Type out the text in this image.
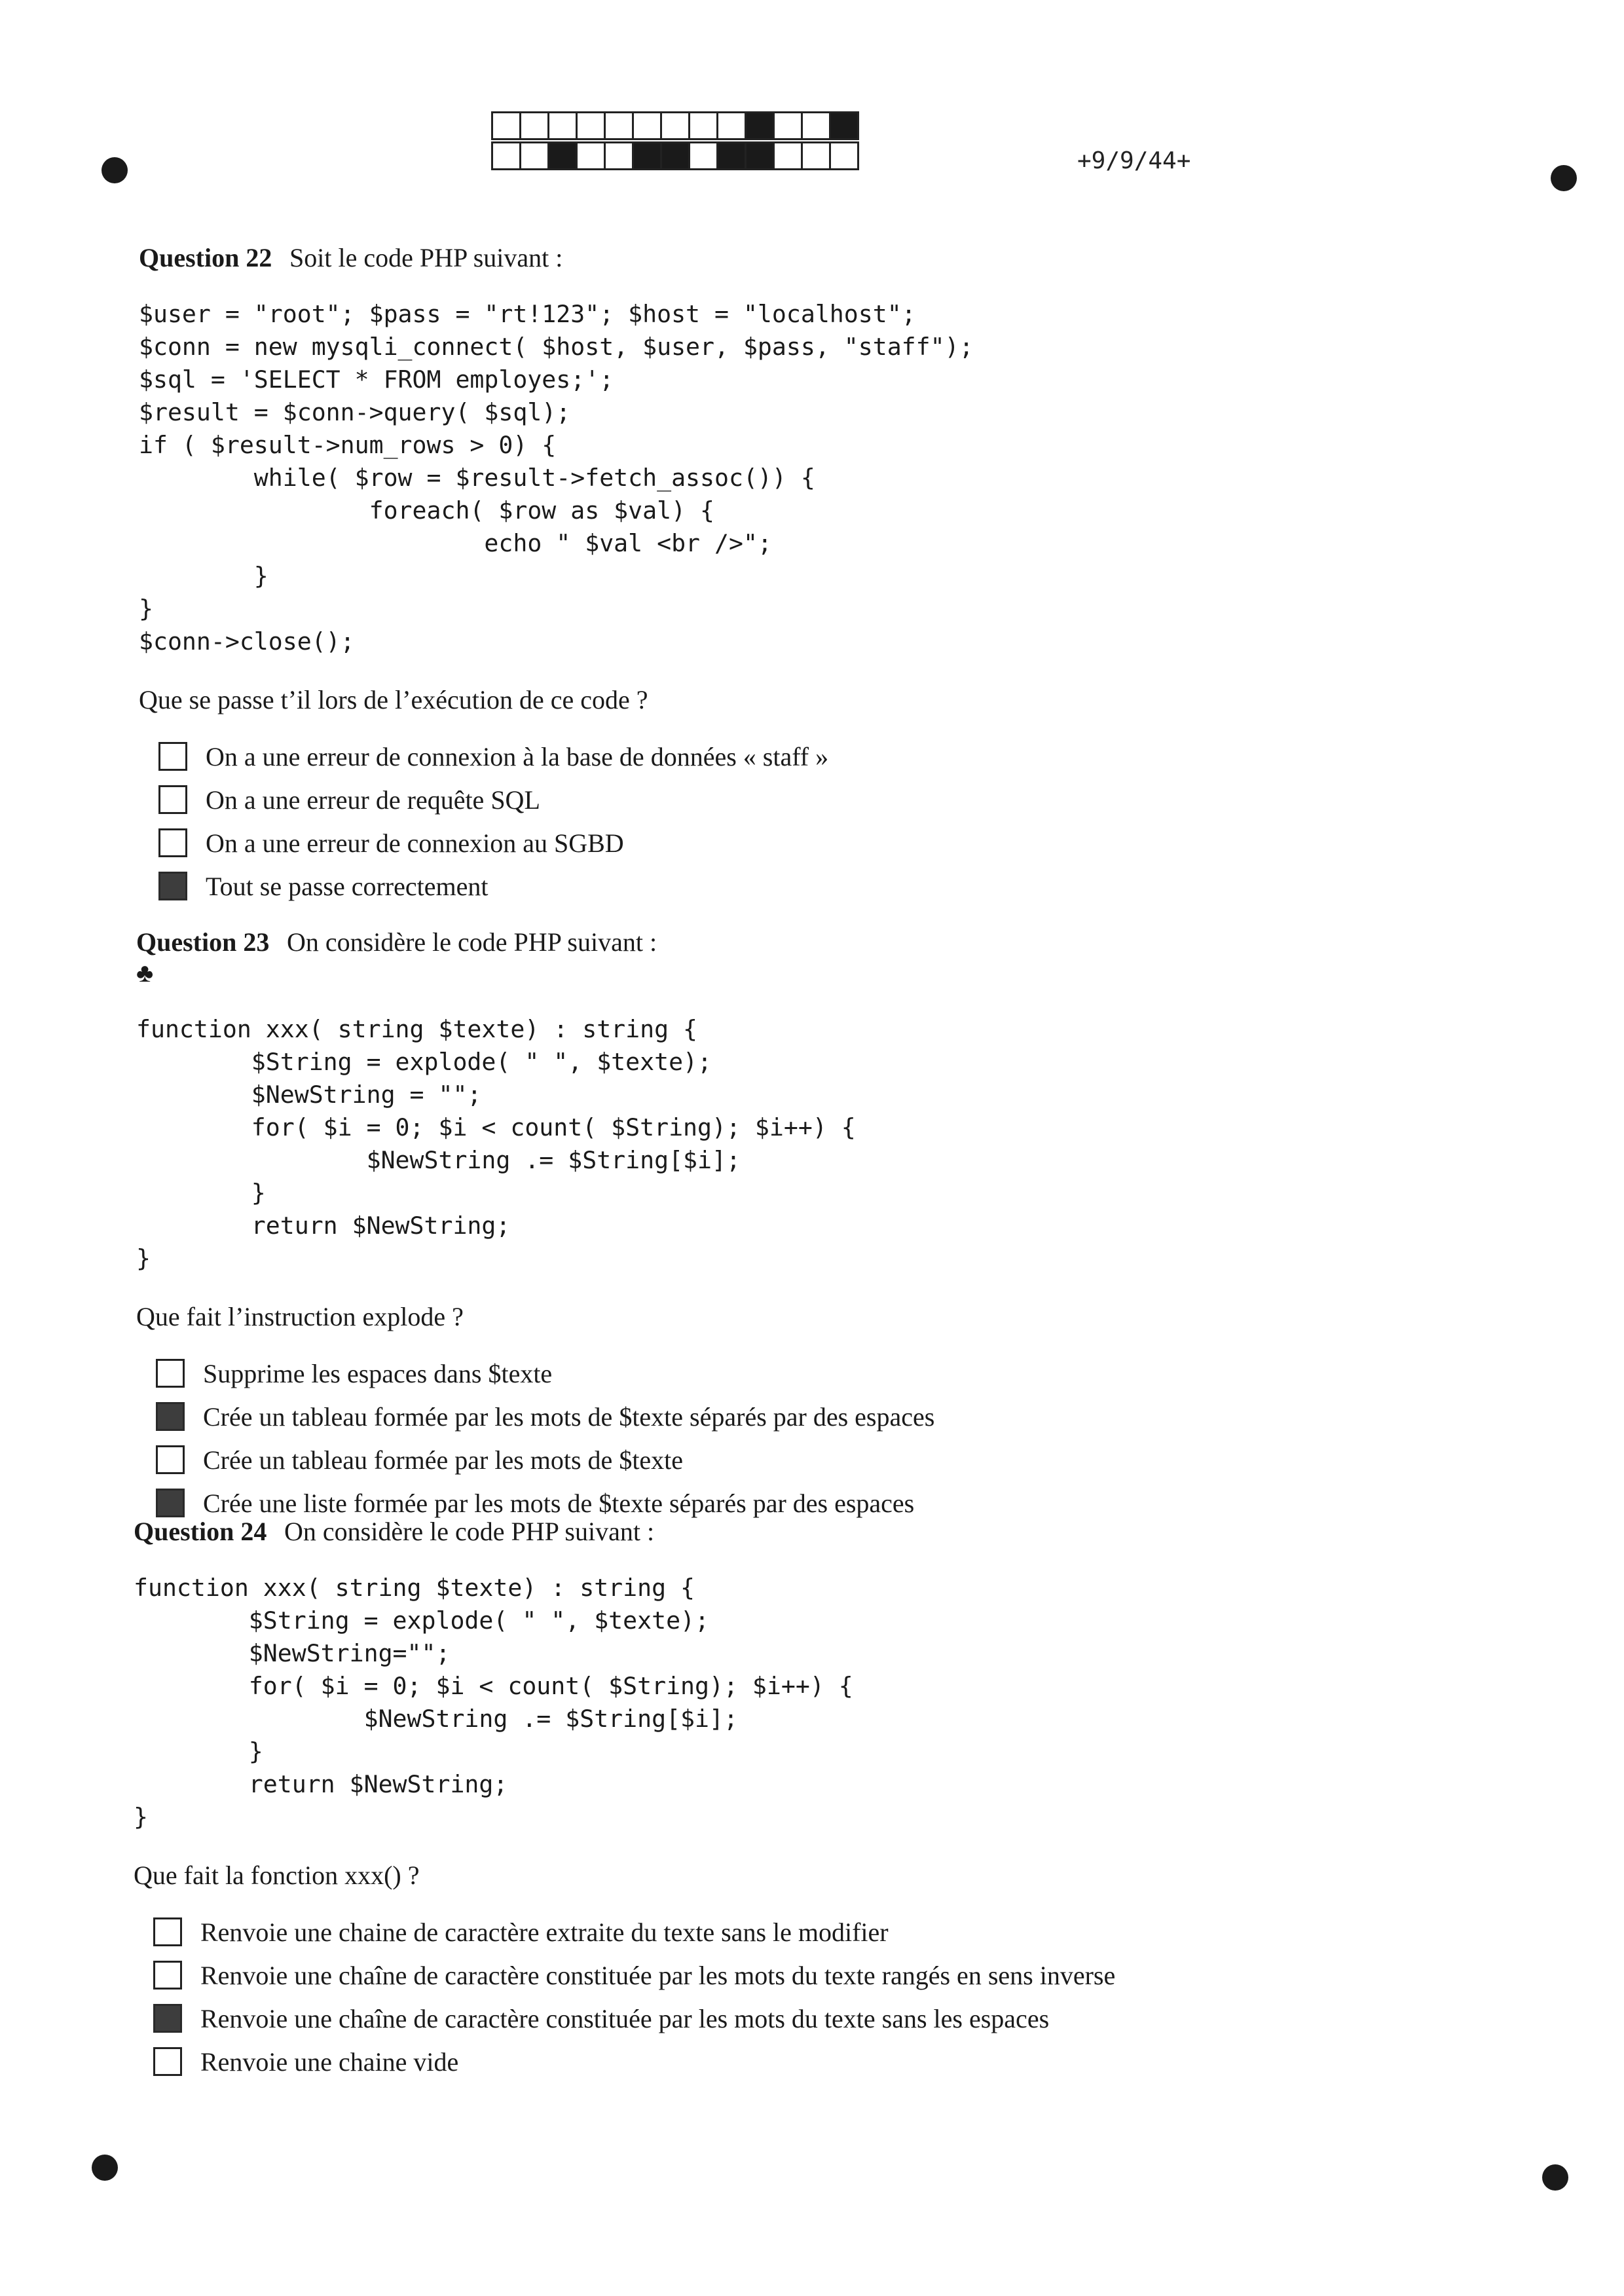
+9/9/44+
Question 22 Soit le code PHP suivant :
$user = "root"; $pass = "rt!123"; $host = "localhost";
$conn = new mysqli_connect( $host, $user, $pass, "staff");
$sql = 'SELECT * FROM employes;';
$result = $conn->query( $sql);
if ( $result->num_rows > 0) {
while( $row = $result->fetch_assoc()) {
foreach( $row as $val) {
echo " $val <br />";
}
}
$conn->close();

Que se passe t’il lors de l’exécution de ce code ?

On a une erreur de connexion à la base de données « staff »
On a une erreur de requête SQL
On a une erreur de connexion au SGBD
Tout se passe correctement
Question 23 ♣
On considère le code PHP suivant :
function xxx( string $texte) : string {
$String = explode( " ", $texte);
$NewString = "";
for( $i = 0; $i < count( $String); $i++) {
$NewString .= $String[$i];
}
return $NewString;
}

Que fait l’instruction explode ?

Supprime les espaces dans $texte
Crée un tableau formée par les mots de $texte séparés par des espaces
Crée un tableau formée par les mots de $texte
Crée une liste formée par les mots de $texte séparés par des espaces
Question 24 On considère le code PHP suivant :
function xxx( string $texte) : string {
$String = explode( " ", $texte);
$NewString="";
for( $i = 0; $i < count( $String); $i++) {
$NewString .= $String[$i];
}
return $NewString;
}

Que fait la fonction xxx() ?

Renvoie une chaine de caractère extraite du texte sans le modifier
Renvoie une chaîne de caractère constituée par les mots du texte rangés en sens inverse
Renvoie une chaîne de caractère constituée par les mots du texte sans les espaces
Renvoie une chaine vide
